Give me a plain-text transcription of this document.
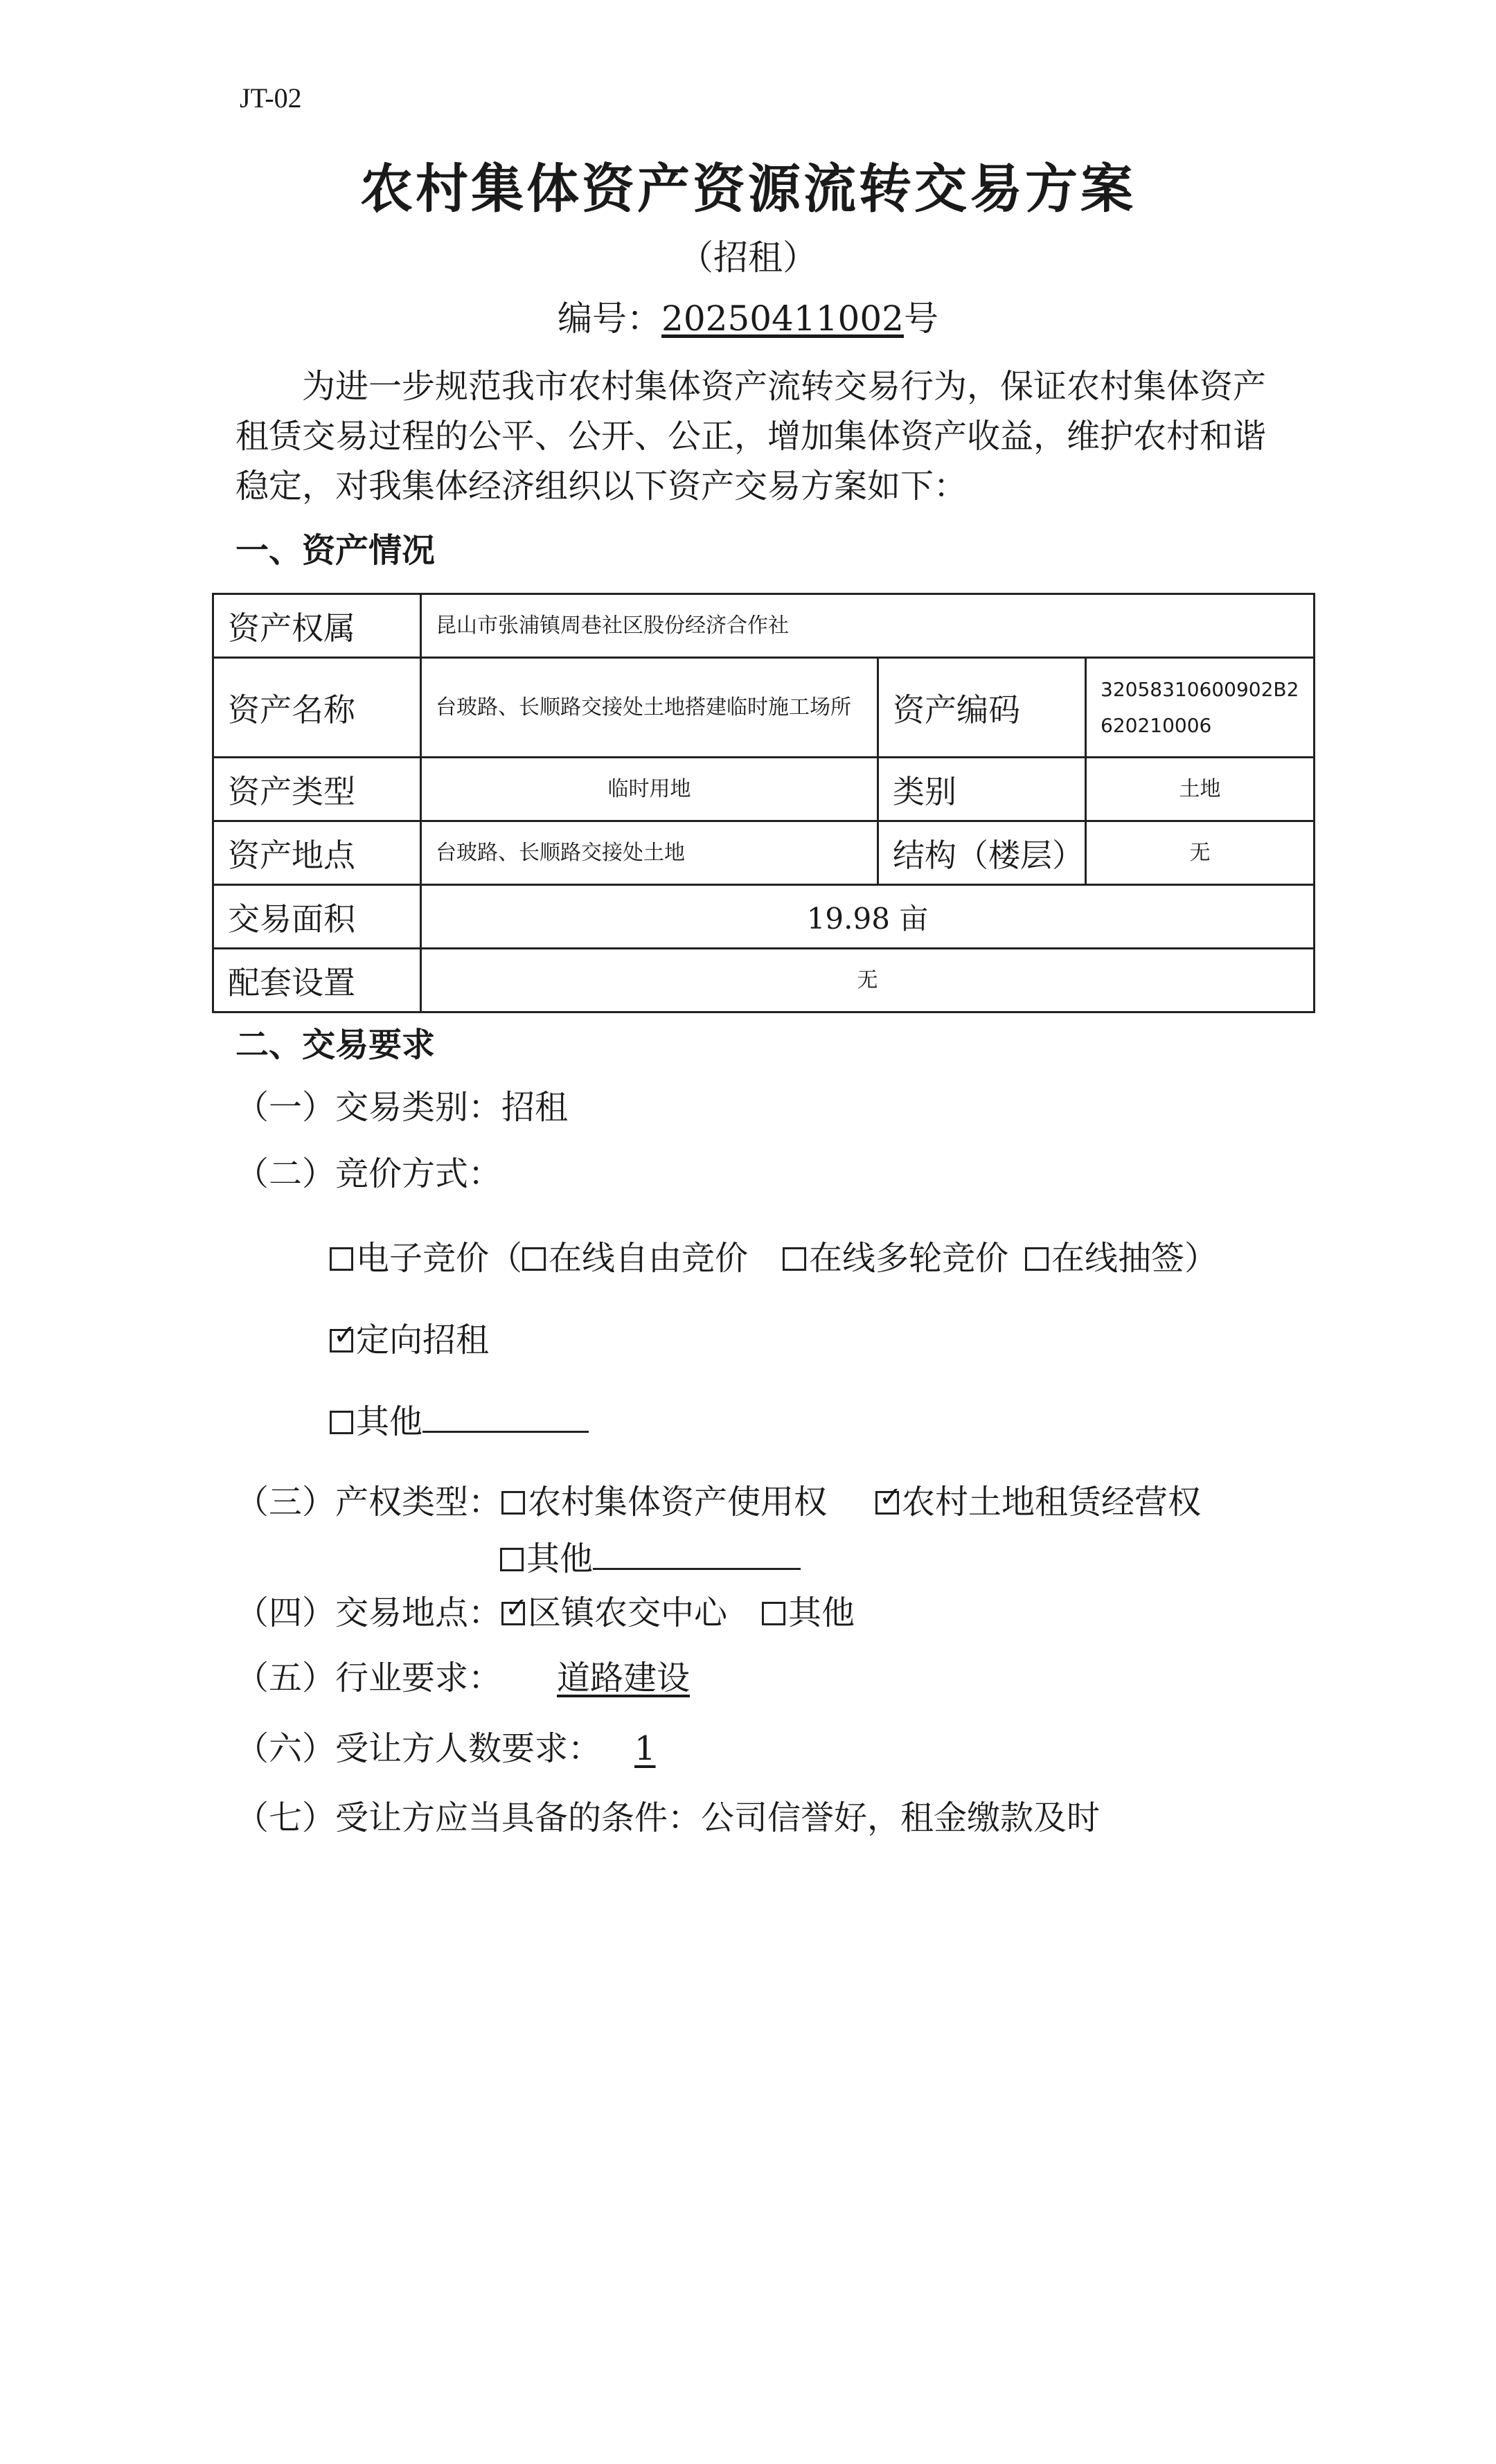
JT-02
农村集体资产资源流转交易方案
（招租）
编号：20250411002号

为进一步规范我市农村集体资产流转交易行为，保证农村集体资产

租赁交易过程的公平、公开、公正，增加集体资产收益，维护农村和谐

稳定，对我集体经济组织以下资产交易方案如下：

一、资产情况
资产权属	昆山市张浦镇周巷社区股份经济合作社		
资产名称	台玻路、长顺路交接处土地搭建临时施工场所	资产编码	32058310600902B2620210006
资产类型	临时用地	类别	土地
资产地点	台玻路、长顺路交接处土地	结构（楼层）	无
交易面积	19.98 亩		
配套设置	无		
二、交易要求
（一）交易类别：招租
（二）竞价方式：
电子竞价（ 在线自由竞价 在线多轮竞价 在线抽签）
✓定向招租
其他
（三）产权类型： 农村集体资产使用权 ✓ 农村土地租赁经营权
其他
（四）交易地点： ✓ 区镇农交中心 其他
（五）行业要求： 道路建设
（六）受让方人数要求： 1
（七）受让方应当具备的条件：公司信誉好，租金缴款及时
